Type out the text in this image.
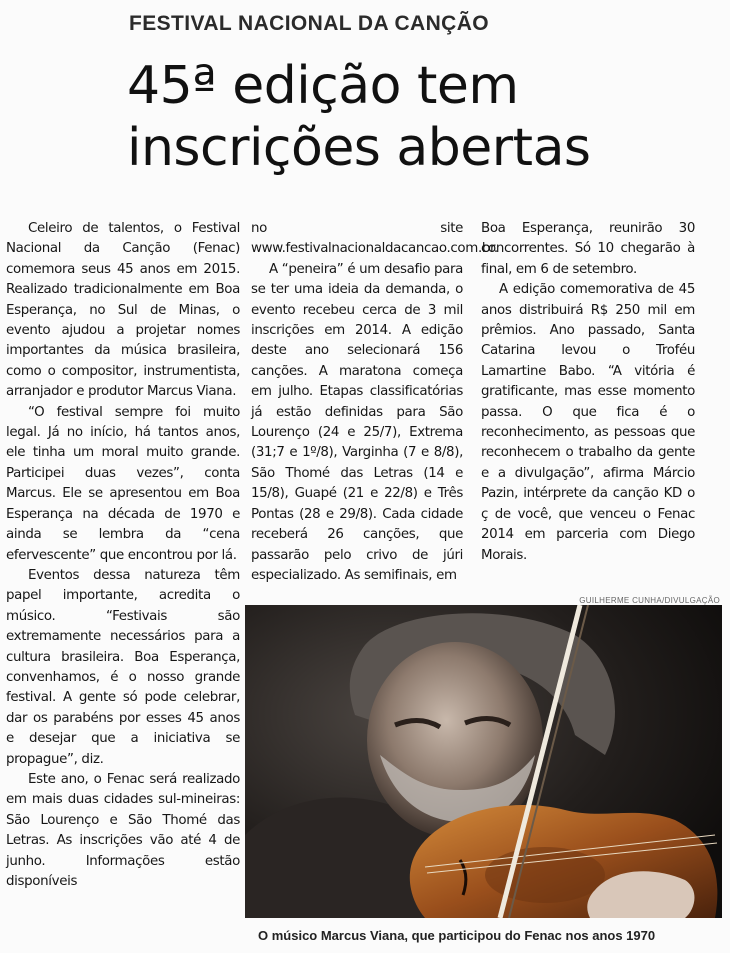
FESTIVAL NACIONAL DA CANÇÃO
45ª edição tem
inscrições abertas

Celeiro de talentos, o Festival Nacional da Canção (Fenac) comemora seus 45 anos em 2015. Realizado tradicionalmente em Boa Esperança, no Sul de Minas, o evento ajudou a projetar nomes importantes da música brasileira, como o compositor, instrumentista, arranjador e produtor Marcus Viana.

“O festival sempre foi muito legal. Já no início, há tantos anos, ele tinha um moral muito grande. Participei duas vezes”, conta Marcus. Ele se apresentou em Boa Esperança na década de 1970 e ainda se lembra da “cena efervescente” que encontrou por lá.

Eventos dessa natureza têm papel importante, acredita o músico. “Festivais são extremamente necessários para a cultura brasileira. Boa Esperança, convenhamos, é o nosso grande festival. A gente só pode celebrar, dar os parabéns por esses 45 anos e desejar que a iniciativa se propague”, diz.

Este ano, o Fenac será realizado em mais duas cidades sul-mineiras: São Lourenço e São Thomé das Letras. As inscrições vão até 4 de junho. Informações estão disponíveis

no site www.festivalnacionaldacancao.com.br.

A “peneira” é um desafio para se ter uma ideia da demanda, o evento recebeu cerca de 3 mil inscrições em 2014. A edição deste ano selecionará 156 canções. A maratona começa em julho. Etapas classificatórias já estão definidas para São Lourenço (24 e 25/7), Extrema (31;7 e 1º/8), Varginha (7 e 8/8), São Thomé das Letras (14 e 15/8), Guapé (21 e 22/8) e Três Pontas (28 e 29/8). Cada cidade receberá 26 canções, que passarão pelo crivo de júri especializado. As semifinais, em

Boa Esperança, reunirão 30 concorrentes. Só 10 chegarão à final, em 6 de setembro.

A edição comemorativa de 45 anos distribuirá R$ 250 mil em prêmios. Ano passado, Santa Catarina levou o Troféu Lamartine Babo. “A vitória é gratificante, mas esse momento passa. O que fica é o reconhecimento, as pessoas que reconhecem o trabalho da gente e a divulgação”, afirma Márcio Pazin, intérprete da canção KD o ç de você, que venceu o Fenac 2014 em parceria com Diego Morais.

GUILHERME CUNHA/DIVULGAÇÃO
O músico Marcus Viana, que participou do Fenac nos anos 1970
